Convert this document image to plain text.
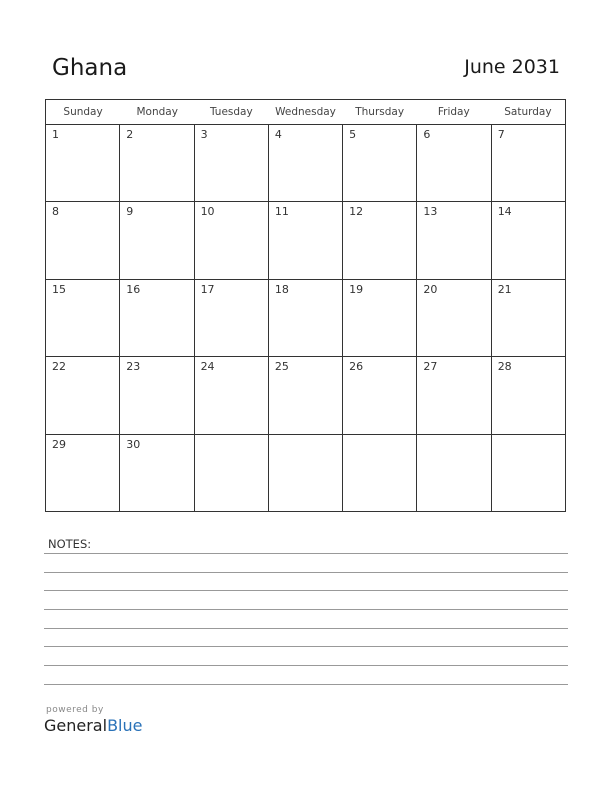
Ghana	June 2031
Sunday	Monday	Tuesday	Wednesday	Thursday	Friday	Saturday
1	2	3	4	5	6	7
8	9	10	11	12	13	14
15	16	17	18	19	20	21
22	23	24	25	26	27	28
29	30
NOTES:
powered by
GeneralBlue
